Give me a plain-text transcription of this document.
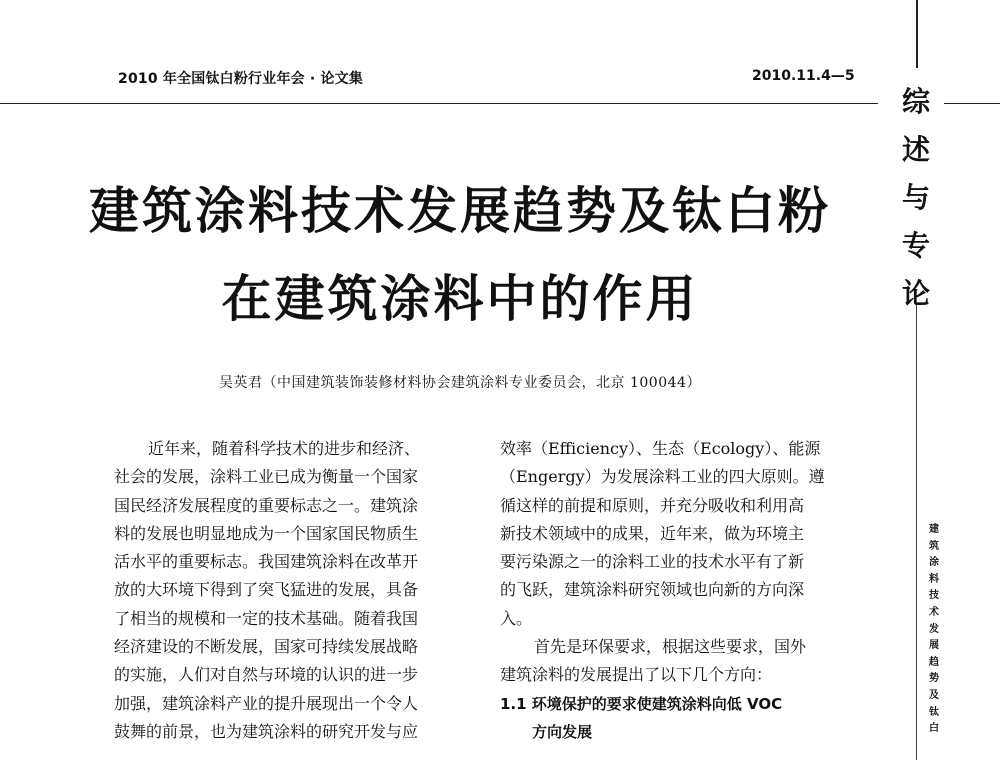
2010 年全国钛白粉行业年会 · 论文集	2010.11.4—5
综
述
与
专
论
建
筑
涂
料
技
术
发
展
趋
势
及
钛
白
建筑涂料技术发展趋势及钛白粉
在建筑涂料中的作用
吴英君（中国建筑装饰装修材料协会建筑涂料专业委员会，北京 100044）
近年来，随着科学技术的进步和经济、
社会的发展，涂料工业已成为衡量一个国家
国民经济发展程度的重要标志之一。建筑涂
料的发展也明显地成为一个国家国民物质生
活水平的重要标志。我国建筑涂料在改革开
放的大环境下得到了突飞猛进的发展，具备
了相当的规模和一定的技术基础。随着我国
经济建设的不断发展，国家可持续发展战略
的实施，人们对自然与环境的认识的进一步
加强，建筑涂料产业的提升展现出一个令人
鼓舞的前景，也为建筑涂料的研究开发与应
效率（Efficiency）、生态（Ecology）、能源
（Engergy）为发展涂料工业的四大原则。遵
循这样的前提和原则，并充分吸收和利用高
新技术领域中的成果，近年来，做为环境主
要污染源之一的涂料工业的技术水平有了新
的飞跃，建筑涂料研究领域也向新的方向深
入。
首先是环保要求，根据这些要求，国外
建筑涂料的发展提出了以下几个方向：
1.1 环境保护的要求使建筑涂料向低 VOC
方向发展
